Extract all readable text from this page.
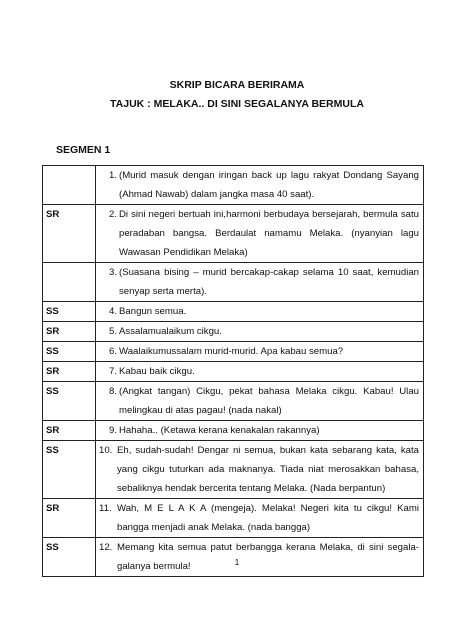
SKRIP BICARA BERIRAMA
TAJUK : MELAKA.. DI SINI SEGALANYA BERMULA
SEGMEN 1

	1. (Murid masuk dengan iringan back up lagu rakyat Dondang Sayang (Ahmad Nawab) dalam jangka masa 40 saat).

SR	2. Di sini negeri bertuah ini,harmoni berbudaya bersejarah, bermula satu peradaban bangsa. Berdaulat namamu Melaka. (nyanyian lagu Wawasan Pendidikan Melaka)

	3. (Suasana bising – murid bercakap-cakap selama 10 saat, kemudian senyap serta merta).

SS	4. Bangun semua.

SR	5. Assalamualaikum cikgu.

SS	6. Waalaikumussalam murid-murid. Apa kabau semua?

SR	7. Kabau baik cikgu.

SS	8. (Angkat tangan) Cikgu, pekat bahasa Melaka cikgu. Kabau! Ulau melingkau di atas pagau! (nada nakal)

SR	9. Hahaha.. (Ketawa kerana kenakalan rakannya)

SS	10. Eh, sudah-sudah! Dengar ni semua, bukan kata sebarang kata, kata yang cikgu tuturkan ada maknanya. Tiada niat merosakkan bahasa, sebaliknya hendak bercerita tentang Melaka. (Nada berpantun)

SR	11. Wah, M E L A K A (mengeja). Melaka! Negeri kita tu cikgu! Kami bangga menjadi anak Melaka. (nada bangga)

SS	12. Memang kita semua patut berbangga kerana Melaka, di sini segala-galanya bermula!	1
